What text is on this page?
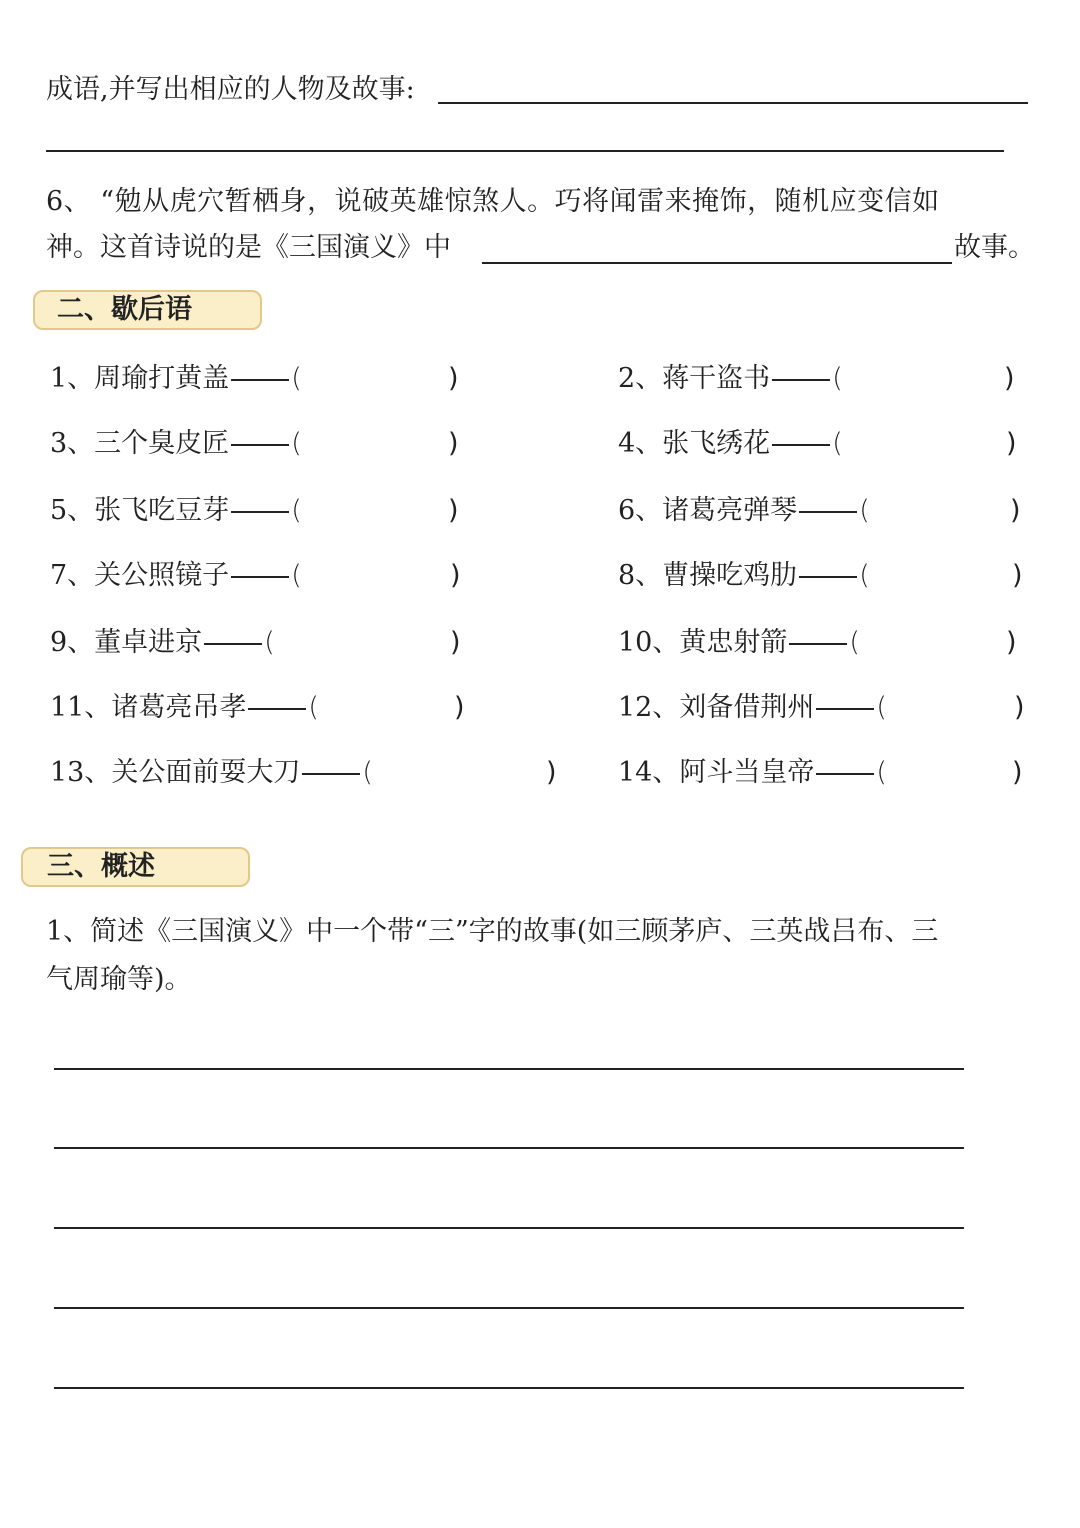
成语,并写出相应的人物及故事:
6、 “勉从虎穴暂栖身，说破英雄惊煞人。巧将闻雷来掩饰，随机应变信如
神。这首诗说的是《三国演义》中	故事。
二、歇后语
1、周瑜打黄盖 (	)	2、蒋干盗书 (	)
3、三个臭皮匠 (	)	4、张飞绣花 (	)
5、张飞吃豆芽 (	)	6、诸葛亮弹琴 (	)
7、关公照镜子 (	)	8、曹操吃鸡肋 (	)
9、董卓进京 (	)	10、黄忠射箭 (	)
11、诸葛亮吊孝 (	)	12、刘备借荆州 (	)
13、关公面前耍大刀 (	) 14、阿斗当皇帝 (	)
三、概述
1、简述《三国演义》中一个带“三”字的故事(如三顾茅庐、三英战吕布、三
气周瑜等)。
